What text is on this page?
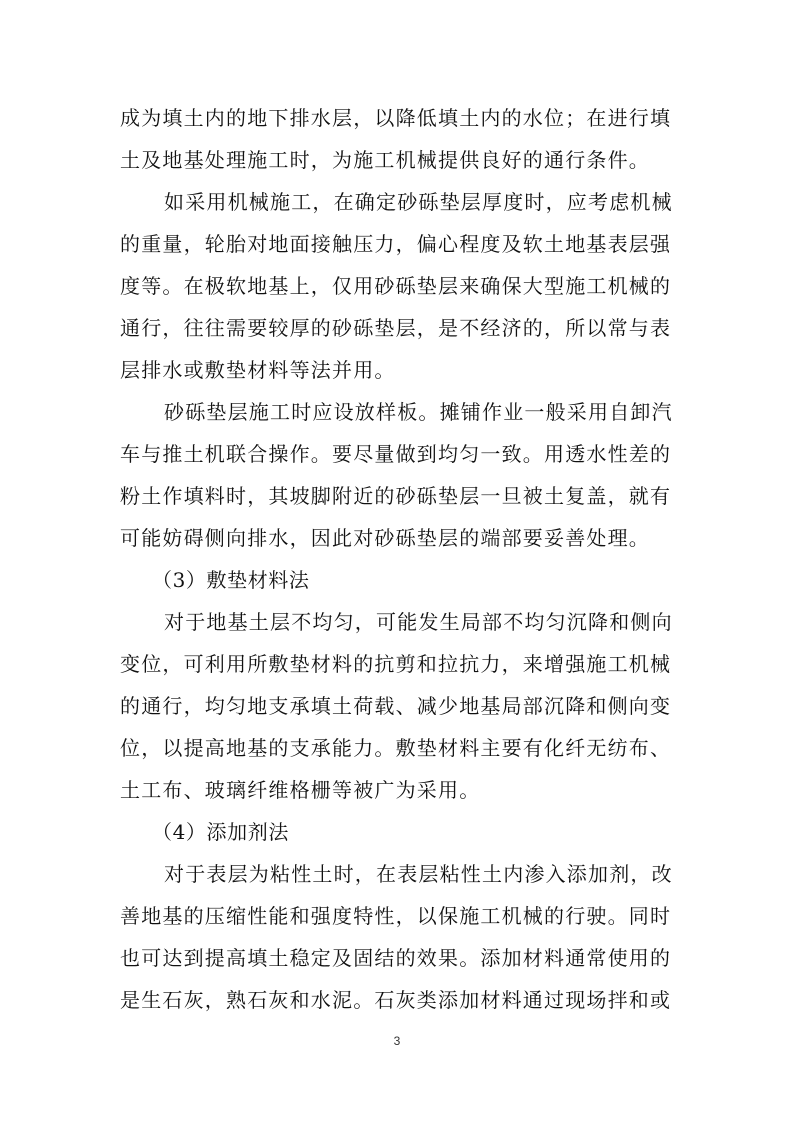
成为填土内的地下排水层，以降低填土内的水位；在进行填
土及地基处理施工时，为施工机械提供良好的通行条件。
如采用机械施工，在确定砂砾垫层厚度时，应考虑机械
的重量，轮胎对地面接触压力，偏心程度及软土地基表层强
度等。在极软地基上，仅用砂砾垫层来确保大型施工机械的
通行，往往需要较厚的砂砾垫层，是不经济的，所以常与表
层排水或敷垫材料等法并用。
砂砾垫层施工时应设放样板。摊铺作业一般采用自卸汽
车与推土机联合操作。要尽量做到均匀一致。用透水性差的
粉土作填料时，其坡脚附近的砂砾垫层一旦被土复盖，就有
可能妨碍侧向排水，因此对砂砾垫层的端部要妥善处理。
（3）敷垫材料法
对于地基土层不均匀，可能发生局部不均匀沉降和侧向
变位，可利用所敷垫材料的抗剪和拉抗力，来增强施工机械
的通行，均匀地支承填土荷载、减少地基局部沉降和侧向变
位，以提高地基的支承能力。敷垫材料主要有化纤无纺布、
土工布、玻璃纤维格栅等被广为采用。
（4）添加剂法
对于表层为粘性土时，在表层粘性土内渗入添加剂，改
善地基的压缩性能和强度特性，以保施工机械的行驶。同时
也可达到提高填土稳定及固结的效果。添加材料通常使用的
是生石灰，熟石灰和水泥。石灰类添加材料通过现场拌和或
3
